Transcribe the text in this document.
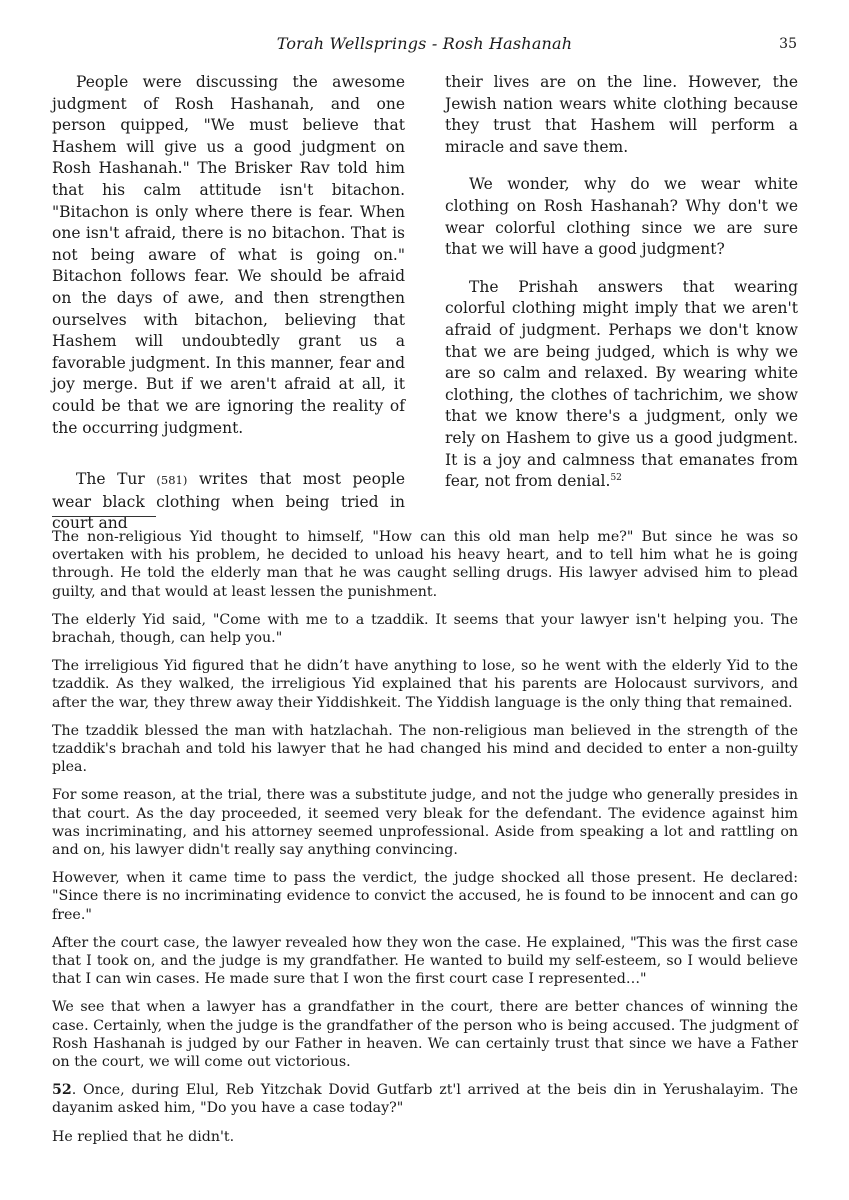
Torah Wellsprings - Rosh Hashanah	35

People were discussing the awesome judgment of Rosh Hashanah, and one person quipped, "We must believe that Hashem will give us a good judgment on Rosh Hashanah." The Brisker Rav told him that his calm attitude isn't bitachon. "Bitachon is only where there is fear. When one isn't afraid, there is no bitachon. That is not being aware of what is going on." Bitachon follows fear. We should be afraid on the days of awe, and then strengthen ourselves with bitachon, believing that Hashem will undoubtedly grant us a favorable judgment. In this manner, fear and joy merge. But if we aren't afraid at all, it could be that we are ignoring the reality of the occurring judgment.

The Tur (581) writes that most people wear black clothing when being tried in court and

their lives are on the line. However, the Jewish nation wears white clothing because they trust that Hashem will perform a miracle and save them.

We wonder, why do we wear white clothing on Rosh Hashanah? Why don't we wear colorful clothing since we are sure that we will have a good judgment?

The Prishah answers that wearing colorful clothing might imply that we aren't afraid of judgment. Perhaps we don't know that we are being judged, which is why we are so calm and relaxed. By wearing white clothing, the clothes of tachrichim, we show that we know there's a judgment, only we rely on Hashem to give us a good judgment. It is a joy and calmness that emanates from fear, not from denial.$^{52}$

The non-religious Yid thought to himself, "How can this old man help me?" But since he was so overtaken with his problem, he decided to unload his heavy heart, and to tell him what he is going through. He told the elderly man that he was caught selling drugs. His lawyer advised him to plead guilty, and that would at least lessen the punishment.

The elderly Yid said, "Come with me to a tzaddik. It seems that your lawyer isn't helping you. The brachah, though, can help you."

The irreligious Yid figured that he didn’t have anything to lose, so he went with the elderly Yid to the tzaddik. As they walked, the irreligious Yid explained that his parents are Holocaust survivors, and after the war, they threw away their Yiddishkeit. The Yiddish language is the only thing that remained.

The tzaddik blessed the man with hatzlachah. The non-religious man believed in the strength of the tzaddik's brachah and told his lawyer that he had changed his mind and decided to enter a non-guilty plea.

For some reason, at the trial, there was a substitute judge, and not the judge who generally presides in that court. As the day proceeded, it seemed very bleak for the defendant. The evidence against him was incriminating, and his attorney seemed unprofessional. Aside from speaking a lot and rattling on and on, his lawyer didn't really say anything convincing.

However, when it came time to pass the verdict, the judge shocked all those present. He declared: "Since there is no incriminating evidence to convict the accused, he is found to be innocent and can go free."

After the court case, the lawyer revealed how they won the case. He explained, "This was the first case that I took on, and the judge is my grandfather. He wanted to build my self-esteem, so I would believe that I can win cases. He made sure that I won the first court case I represented…"

We see that when a lawyer has a grandfather in the court, there are better chances of winning the case. Certainly, when the judge is the grandfather of the person who is being accused. The judgment of Rosh Hashanah is judged by our Father in heaven. We can certainly trust that since we have a Father on the court, we will come out victorious.

52. Once, during Elul, Reb Yitzchak Dovid Gutfarb zt'l arrived at the beis din in Yerushalayim. The dayanim asked him, "Do you have a case today?"

He replied that he didn't.
